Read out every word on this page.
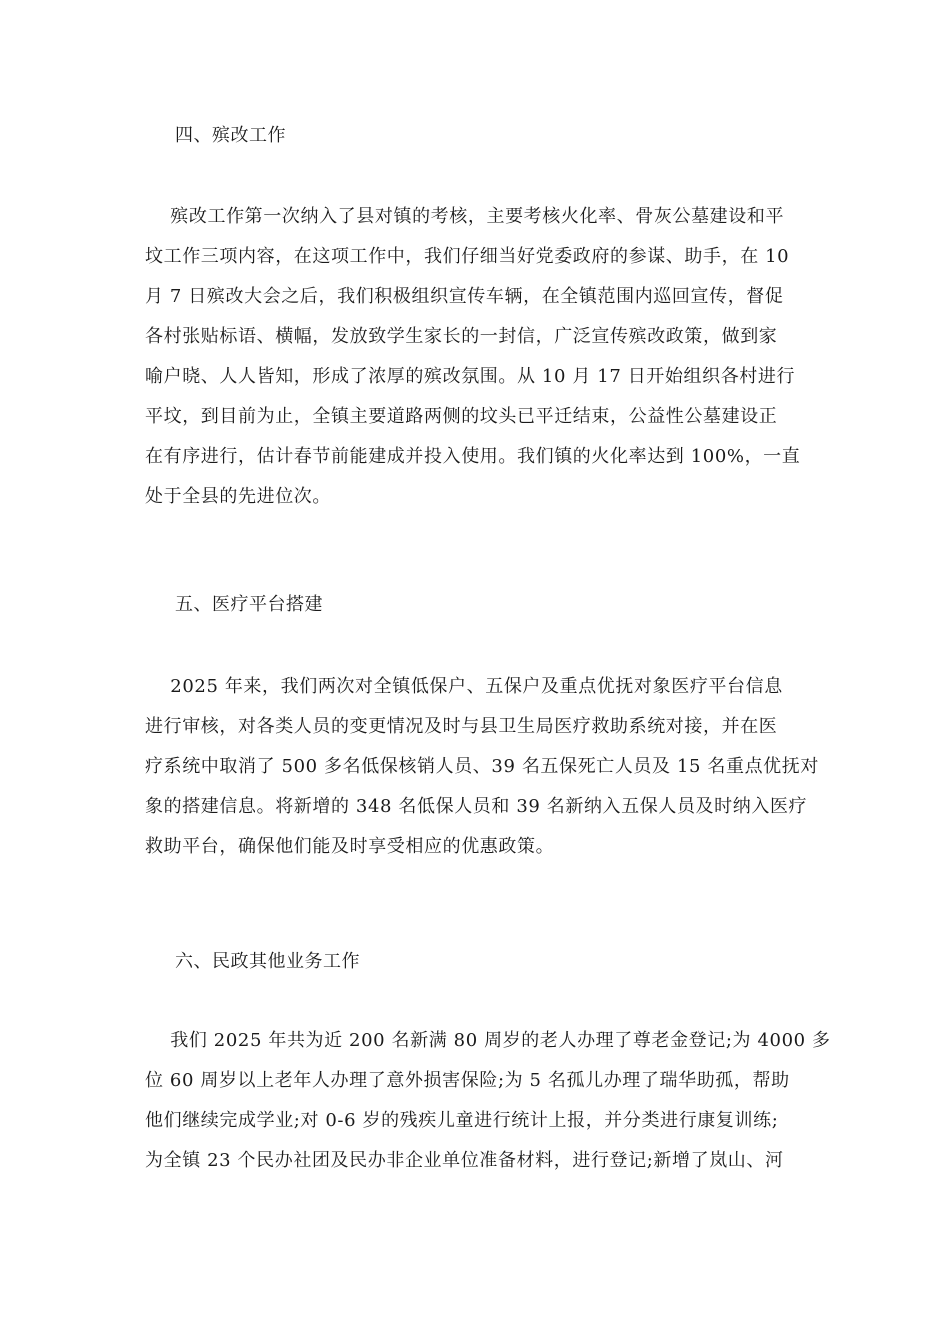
四、殡改工作
殡改工作第一次纳入了县对镇的考核，主要考核火化率、骨灰公墓建设和平
坟工作三项内容，在这项工作中，我们仔细当好党委政府的参谋、助手，在 10
月 7 日殡改大会之后，我们积极组织宣传车辆，在全镇范围内巡回宣传，督促
各村张贴标语、横幅，发放致学生家长的一封信，广泛宣传殡改政策，做到家
喻户晓、人人皆知，形成了浓厚的殡改氛围。从 10 月 17 日开始组织各村进行
平坟，到目前为止，全镇主要道路两侧的坟头已平迁结束，公益性公墓建设正
在有序进行，估计春节前能建成并投入使用。我们镇的火化率达到 100%，一直
处于全县的先进位次。
五、医疗平台搭建
2025 年来，我们两次对全镇低保户、五保户及重点优抚对象医疗平台信息
进行审核，对各类人员的变更情况及时与县卫生局医疗救助系统对接，并在医
疗系统中取消了 500 多名低保核销人员、39 名五保死亡人员及 15 名重点优抚对
象的搭建信息。将新增的 348 名低保人员和 39 名新纳入五保人员及时纳入医疗
救助平台，确保他们能及时享受相应的优惠政策。
六、民政其他业务工作
我们 2025 年共为近 200 名新满 80 周岁的老人办理了尊老金登记;为 4000 多
位 60 周岁以上老年人办理了意外损害保险;为 5 名孤儿办理了瑞华助孤，帮助
他们继续完成学业;对 0-6 岁的残疾儿童进行统计上报，并分类进行康复训练;
为全镇 23 个民办社团及民办非企业单位准备材料，进行登记;新增了岚山、河
